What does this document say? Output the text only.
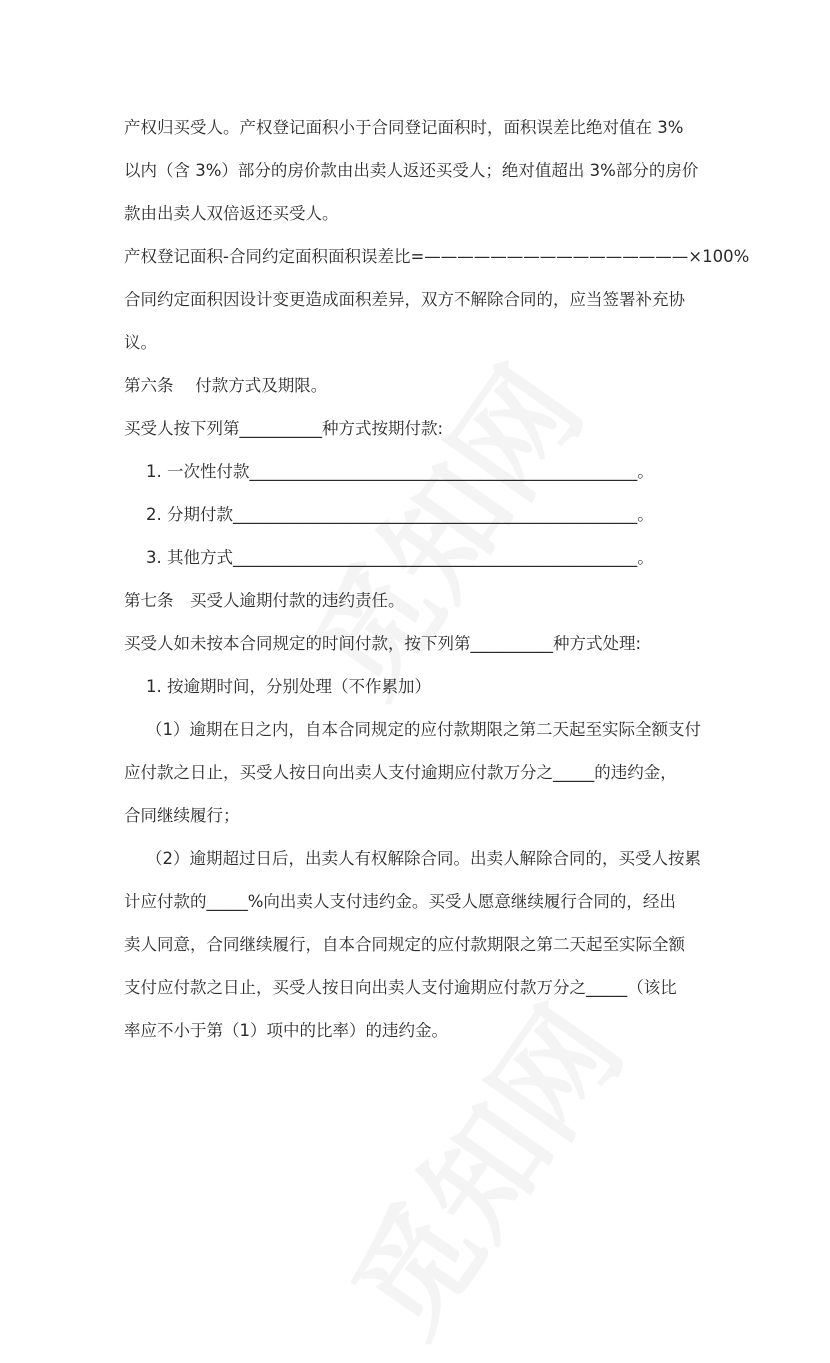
产权归买受人。产权登记面积小于合同登记面积时，面积误差比绝对值在 3%
以内（含 3%）部分的房价款由出卖人返还买受人；绝对值超出 3%部分的房价
款由出卖人双倍返还买受人。
产权登记面积-合同约定面积面积误差比=————————————————×100%
合同约定面积因设计变更造成面积差异，双方不解除合同的，应当签署补充协
议。
第六条　 付款方式及期限。
买受人按下列第__________种方式按期付款:
1. 一次性付款_______________________________________________。
2. 分期付款_________________________________________________。
3. 其他方式_________________________________________________。
第七条　买受人逾期付款的违约责任。
买受人如未按本合同规定的时间付款，按下列第__________种方式处理:
1. 按逾期时间，分别处理（不作累加）
（1）逾期在日之内，自本合同规定的应付款期限之第二天起至实际全额支付
应付款之日止，买受人按日向出卖人支付逾期应付款万分之_____的违约金，
合同继续履行；
（2）逾期超过日后，出卖人有权解除合同。出卖人解除合同的，买受人按累
计应付款的_____%向出卖人支付违约金。买受人愿意继续履行合同的，经出
卖人同意，合同继续履行，自本合同规定的应付款期限之第二天起至实际全额
支付应付款之日止，买受人按日向出卖人支付逾期应付款万分之_____（该比
率应不小于第（1）项中的比率）的违约金。
